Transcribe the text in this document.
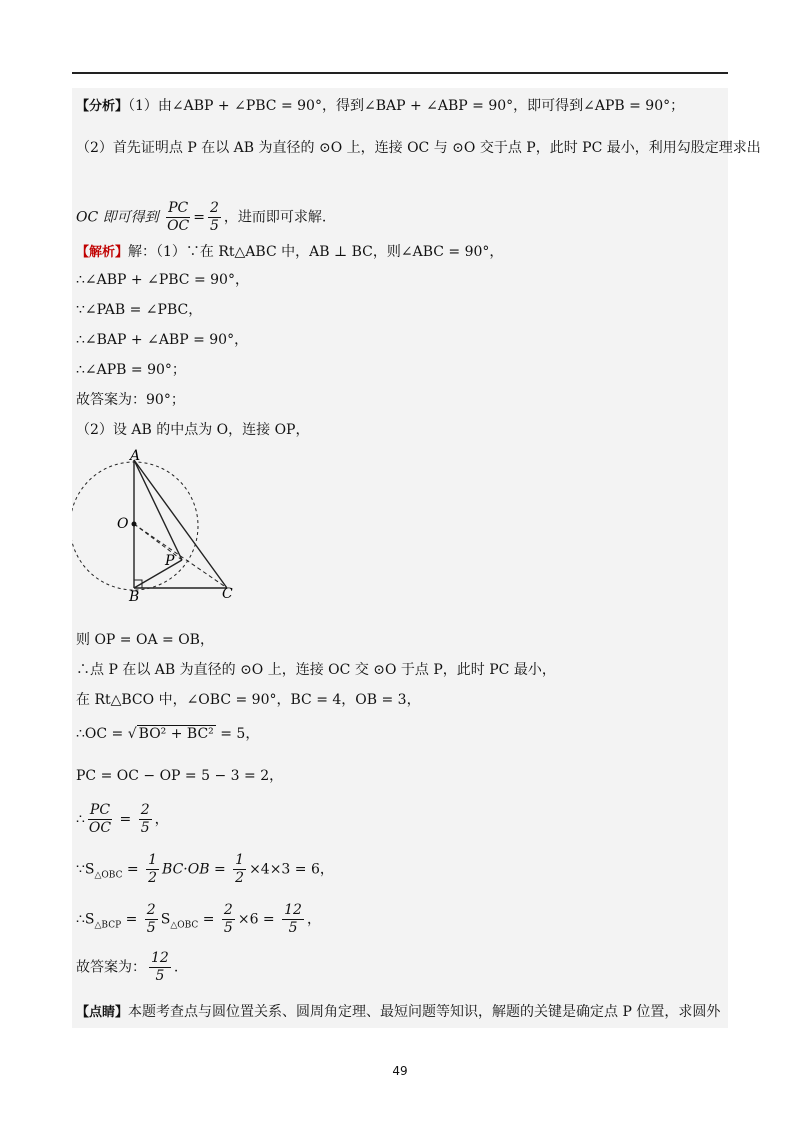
【分析】（1）由∠ABP + ∠PBC = 90°，得到∠BAP + ∠ABP = 90°，即可得到∠APB = 90°；
（2）首先证明点 P 在以 AB 为直径的 ⊙O 上，连接 OC 与 ⊙O 交于点 P，此时 PC 最小，利用勾股定理求出
OC 即可得到 $\frac{PC}{OC} = \frac{2}{5}$ ，进而即可求解.
【解析】解：（1）∵在 Rt△ABC 中，AB ⊥ BC，则∠ABC = 90°，
∴∠ABP + ∠PBC = 90°，
∵∠PAB = ∠PBC，
∴∠BAP + ∠ABP = 90°，
∴∠APB = 90°；
故答案为：90°；
（2）设 AB 的中点为 O，连接 OP，
A
O
P
B	C
则 OP = OA = OB，
∴点 P 在以 AB 为直径的 ⊙O 上，连接 OC 交 ⊙O 于点 P，此时 PC 最小，
在 Rt△BCO 中，∠OBC = 90°，BC = 4，OB = 3，
∴OC = √ BO² + BC² = 5，
PC = OC − OP = 5 − 3 = 2，
∴ $\frac{PC}{OC} = \frac{2}{5}$ ，
$\because S_{\triangle OBC} = \frac{1}{2} BC\cdot OB = \frac{1}{2} \times 4\times 3 = 6$，
$\therefore S_{\triangle BCP} = \frac{2}{5} S_{\triangle OBC} = \frac{2}{5} \times 6 = \frac{12}{5}$ ，
故答案为： $\frac{12}{5}$ .
【点睛】本题考查点与圆位置关系、圆周角定理、最短问题等知识，解题的关键是确定点 P 位置，求圆外
49
